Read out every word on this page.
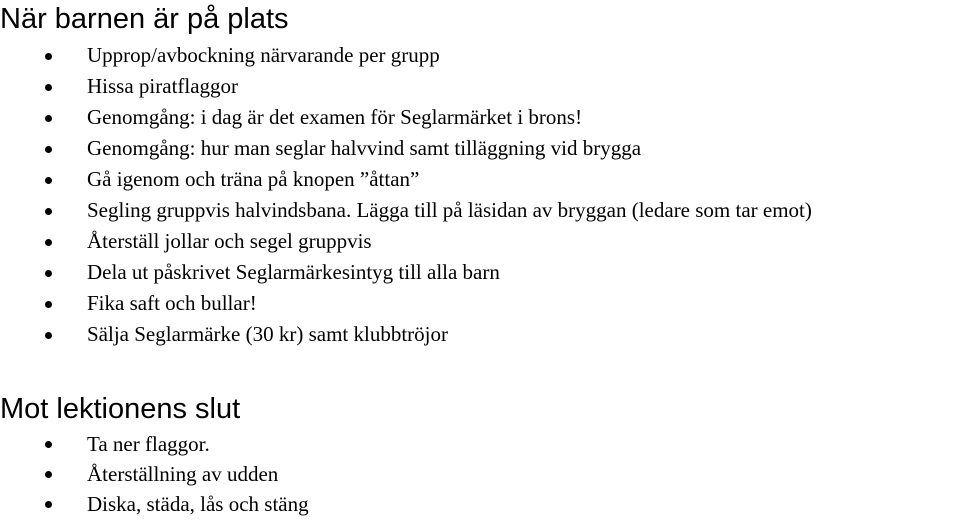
När barnen är på plats
Upprop/avbockning närvarande per grupp
Hissa piratflaggor
Genomgång: i dag är det examen för Seglarmärket i brons!
Genomgång: hur man seglar halvvind samt tilläggning vid brygga
Gå igenom och träna på knopen ”åttan”
Segling gruppvis halvindsbana. Lägga till på läsidan av bryggan (ledare som tar emot)
Återställ jollar och segel gruppvis
Dela ut påskrivet Seglarmärkesintyg till alla barn
Fika saft och bullar!
Sälja Seglarmärke (30 kr) samt klubbtröjor
Mot lektionens slut
Ta ner flaggor.
Återställning av udden
Diska, städa, lås och stäng
